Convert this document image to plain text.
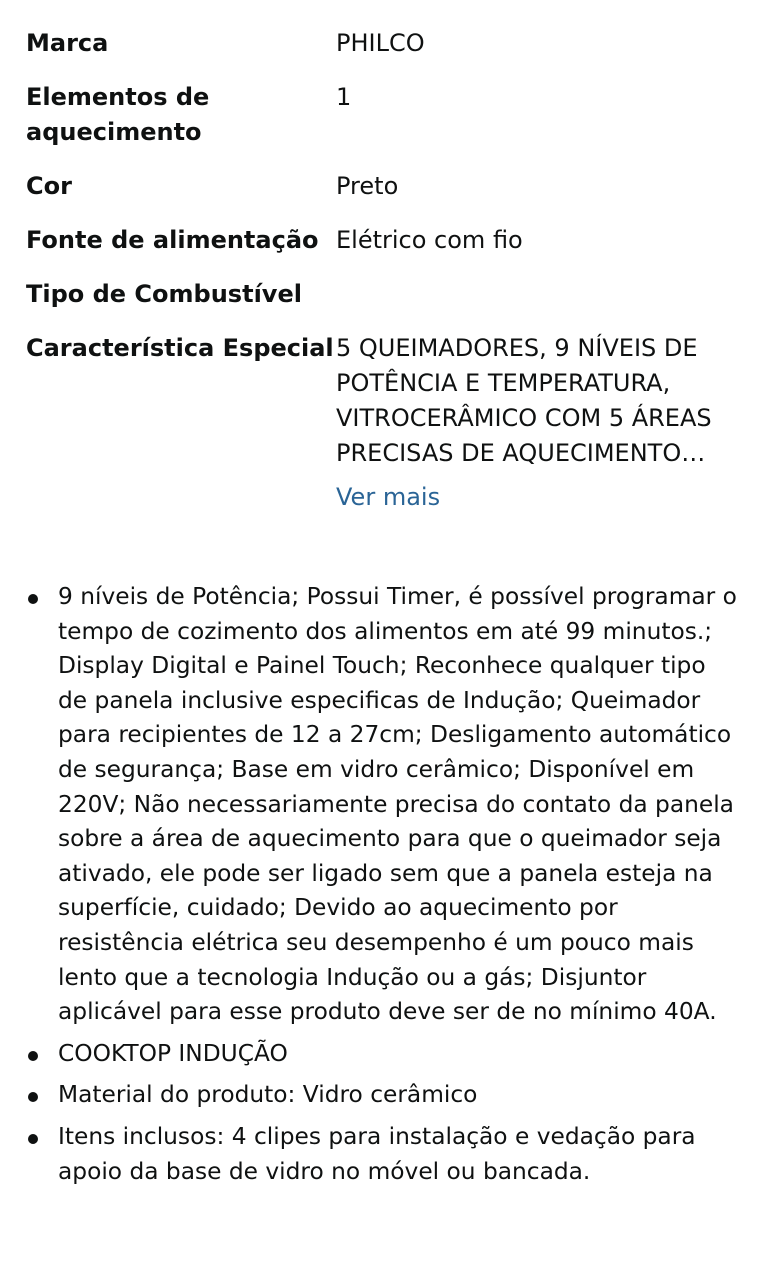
Marca	PHILCO
Elementos de aquecimento
1
Cor	Preto
Fonte de alimentação Elétrico com fio
Tipo de Combustível
Característica Especial 5 QUEIMADORES, 9 NÍVEIS DE POTÊNCIA E TEMPERATURA, VITROCERÂMICO COM 5 ÁREAS PRECISAS DE AQUECIMENTO…
Ver mais
9 níveis de Potência; Possui Timer, é possível programar o tempo de cozimento dos alimentos em até 99 minutos.; Display Digital e Painel Touch; Reconhece qualquer tipo de panela inclusive especificas de Indução; Queimador para recipientes de 12 a 27cm; Desligamento automático de segurança; Base em vidro cerâmico; Disponível em 220V; Não necessariamente precisa do contato da panela sobre a área de aquecimento para que o queimador seja ativado, ele pode ser ligado sem que a panela esteja na superfície, cuidado; Devido ao aquecimento por resistência elétrica seu desempenho é um pouco mais lento que a tecnologia Indução ou a gás; Disjuntor aplicável para esse produto deve ser de no mínimo 40A.
COOKTOP INDUÇÃO
Material do produto: Vidro cerâmico
Itens inclusos: 4 clipes para instalação e vedação para apoio da base de vidro no móvel ou bancada.
